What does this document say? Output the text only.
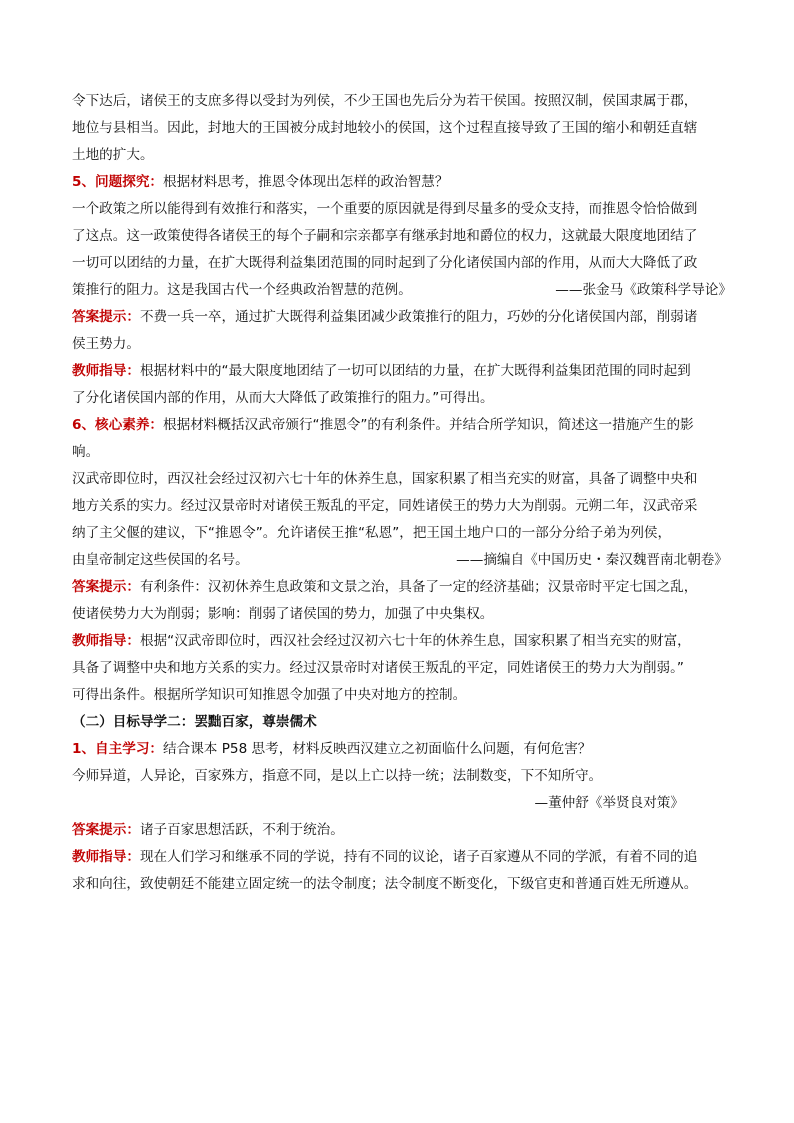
令下达后，诸侯王的支庶多得以受封为列侯，不少王国也先后分为若干侯国。按照汉制，侯国隶属于郡，
地位与县相当。因此，封地大的王国被分成封地较小的侯国，这个过程直接导致了王国的缩小和朝廷直辖
土地的扩大。
5、问题探究：根据材料思考，推恩令体现出怎样的政治智慧？
一个政策之所以能得到有效推行和落实，一个重要的原因就是得到尽量多的受众支持，而推恩令恰恰做到
了这点。这一政策使得各诸侯王的每个子嗣和宗亲都享有继承封地和爵位的权力，这就最大限度地团结了
一切可以团结的力量，在扩大既得利益集团范围的同时起到了分化诸侯国内部的作用，从而大大降低了政
策推行的阻力。这是我国古代一个经典政治智慧的范例。	——张金马《政策科学导论》
答案提示：不费一兵一卒，通过扩大既得利益集团减少政策推行的阻力，巧妙的分化诸侯国内部，削弱诸
侯王势力。
教师指导：根据材料中的“最大限度地团结了一切可以团结的力量，在扩大既得利益集团范围的同时起到
了分化诸侯国内部的作用，从而大大降低了政策推行的阻力。”可得出。
6、核心素养：根据材料概括汉武帝颁行“推恩令”的有利条件。并结合所学知识，简述这一措施产生的影
响。
汉武帝即位时，西汉社会经过汉初六七十年的休养生息，国家积累了相当充实的财富，具备了调整中央和
地方关系的实力。经过汉景帝时对诸侯王叛乱的平定，同姓诸侯王的势力大为削弱。元朔二年，汉武帝采
纳了主父偃的建议，下“推恩令”。允许诸侯王推“私恩”，把王国土地户口的一部分分给子弟为列侯，
由皇帝制定这些侯国的名号。	——摘编自《中国历史・秦汉魏晋南北朝卷》
答案提示：有利条件：汉初休养生息政策和文景之治，具备了一定的经济基础；汉景帝时平定七国之乱，
使诸侯势力大为削弱；影响：削弱了诸侯国的势力，加强了中央集权。
教师指导：根据“汉武帝即位时，西汉社会经过汉初六七十年的休养生息，国家积累了相当充实的财富，
具备了调整中央和地方关系的实力。经过汉景帝时对诸侯王叛乱的平定，同姓诸侯王的势力大为削弱。”
可得出条件。根据所学知识可知推恩令加强了中央对地方的控制。
（二）目标导学二：罢黜百家，尊崇儒术
1、自主学习：结合课本 P58 思考，材料反映西汉建立之初面临什么问题，有何危害？
今师异道，人异论，百家殊方，指意不同，是以上亡以持一统；法制数变，下不知所守。
—董仲舒《举贤良对策》
答案提示：诸子百家思想活跃，不利于统治。
教师指导：现在人们学习和继承不同的学说，持有不同的议论，诸子百家遵从不同的学派，有着不同的追
求和向往，致使朝廷不能建立固定统一的法令制度；法令制度不断变化，下级官吏和普通百姓无所遵从。
